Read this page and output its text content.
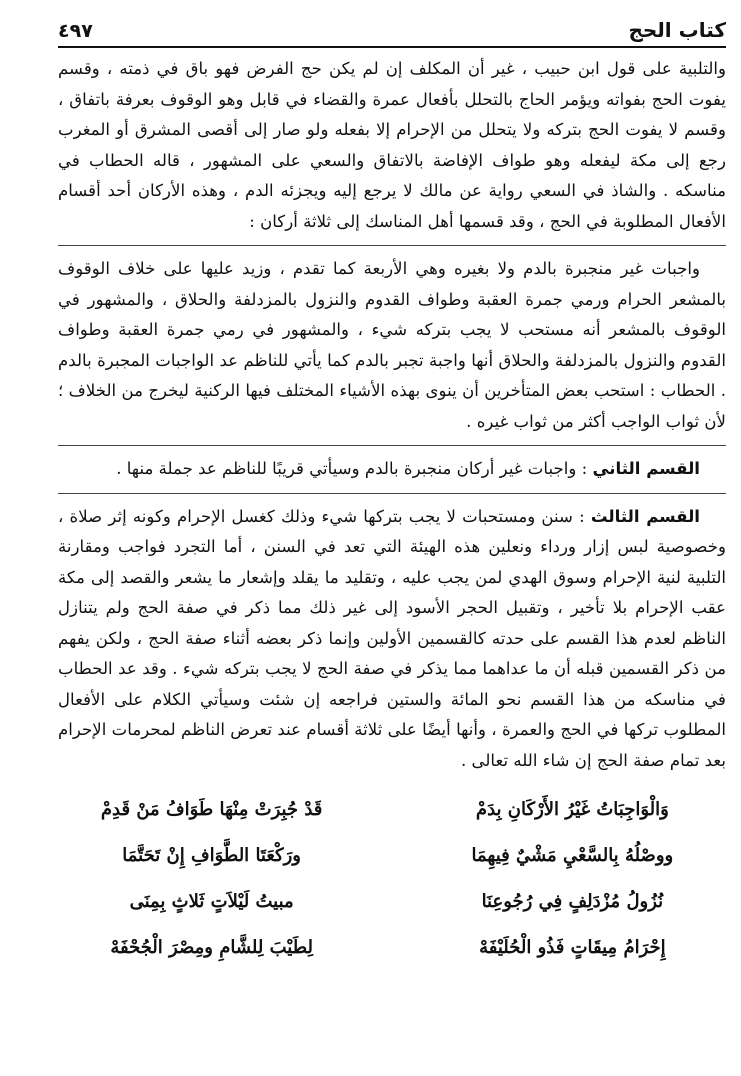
كتاب الحج
٤٩٧

والتلبية على قول ابن حبيب ، غير أن المكلف إن لم يكن حج الفرض فهو باق في ذمته ، وقسم يفوت الحج بفواته ويؤمر الحاج بالتحلل بأفعال عمرة والقضاء في قابل وهو الوقوف بعرفة باتفاق ، وقسم لا يفوت الحج بتركه ولا يتحلل من الإحرام إلا بفعله ولو صار إلى أقصى المشرق أو المغرب رجع إلى مكة ليفعله وهو طواف الإفاضة بالاتفاق والسعي على المشهور ، قاله الحطاب في مناسكه . والشاذ في السعي رواية عن مالك لا يرجع إليه ويجزئه الدم ، وهذه الأركان أحد أقسام الأفعال المطلوبة في الحج ، وقد قسمها أهل المناسك إلى ثلاثة أركان :

واجبات غير منجبرة بالدم ولا بغيره وهي الأربعة كما تقدم ، وزيد عليها على خلاف الوقوف بالمشعر الحرام ورمي جمرة العقبة وطواف القدوم والنزول بالمزدلفة والحلاق ، والمشهور في الوقوف بالمشعر أنه مستحب لا يجب بتركه شيء ، والمشهور في رمي جمرة العقبة وطواف القدوم والنزول بالمزدلفة والحلاق أنها واجبة تجبر بالدم كما يأتي للناظم عد الواجبات المجبرة بالدم . الحطاب : استحب بعض المتأخرين أن ينوى بهذه الأشياء المختلف فيها الركنية ليخرج من الخلاف ؛ لأن ثواب الواجب أكثر من ثواب غيره .

القسم الثاني : واجبات غير أركان منجبرة بالدم وسيأتي قريبًا للناظم عد جملة منها .

القسم الثالث : سنن ومستحبات لا يجب بتركها شيء وذلك كغسل الإحرام وكونه إثر صلاة ، وخصوصية لبس إزار ورداء ونعلين هذه الهيئة التي تعد في السنن ، أما التجرد فواجب ومقارنة التلبية لنية الإحرام وسوق الهدي لمن يجب عليه ، وتقليد ما يقلد وإشعار ما يشعر والقصد إلى مكة عقب الإحرام بلا تأخير ، وتقبيل الحجر الأسود إلى غير ذلك مما ذكر في صفة الحج ولم يتنازل الناظم لعدم هذا القسم على حدته كالقسمين الأولين وإنما ذكر بعضه أثناء صفة الحج ، ولكن يفهم من ذكر القسمين قبله أن ما عداهما مما يذكر في صفة الحج لا يجب بتركه شيء . وقد عد الحطاب في مناسكه من هذا القسم نحو المائة والستين فراجعه إن شئت وسيأتي الكلام على الأفعال المطلوب تركها في الحج والعمرة ، وأنها أيضًا على ثلاثة أقسام عند تعرض الناظم لمحرمات الإحرام بعد تمام صفة الحج إن شاء الله تعالى .

وَالْوَاجِبَاتُ غَيْرُ الأَرْكَانِ بِدَمْ
قَدْ جُبِرَتْ مِنْهَا طَوَافُ مَنْ قَدِمْ
ووصْلُهُ بِالسَّعْيِ مَشْيٌ فِيهِمَا
ورَكْعَتَا الطَّوَافِ إِنْ تَحَتَّمَا
نُزُولُ مُزْدَلِفٍ فِي رُجُوعِنَا
مبيتُ لَيْلاَتٍ ثَلاثٍ بِمِنَى
إِحْرَامُ مِيقَاتٍ فَذُو الْحُلَيْفَهْ
لِطَيْبَ لِلشَّامِ ومِصْرَ الْجُحْفَهْ
